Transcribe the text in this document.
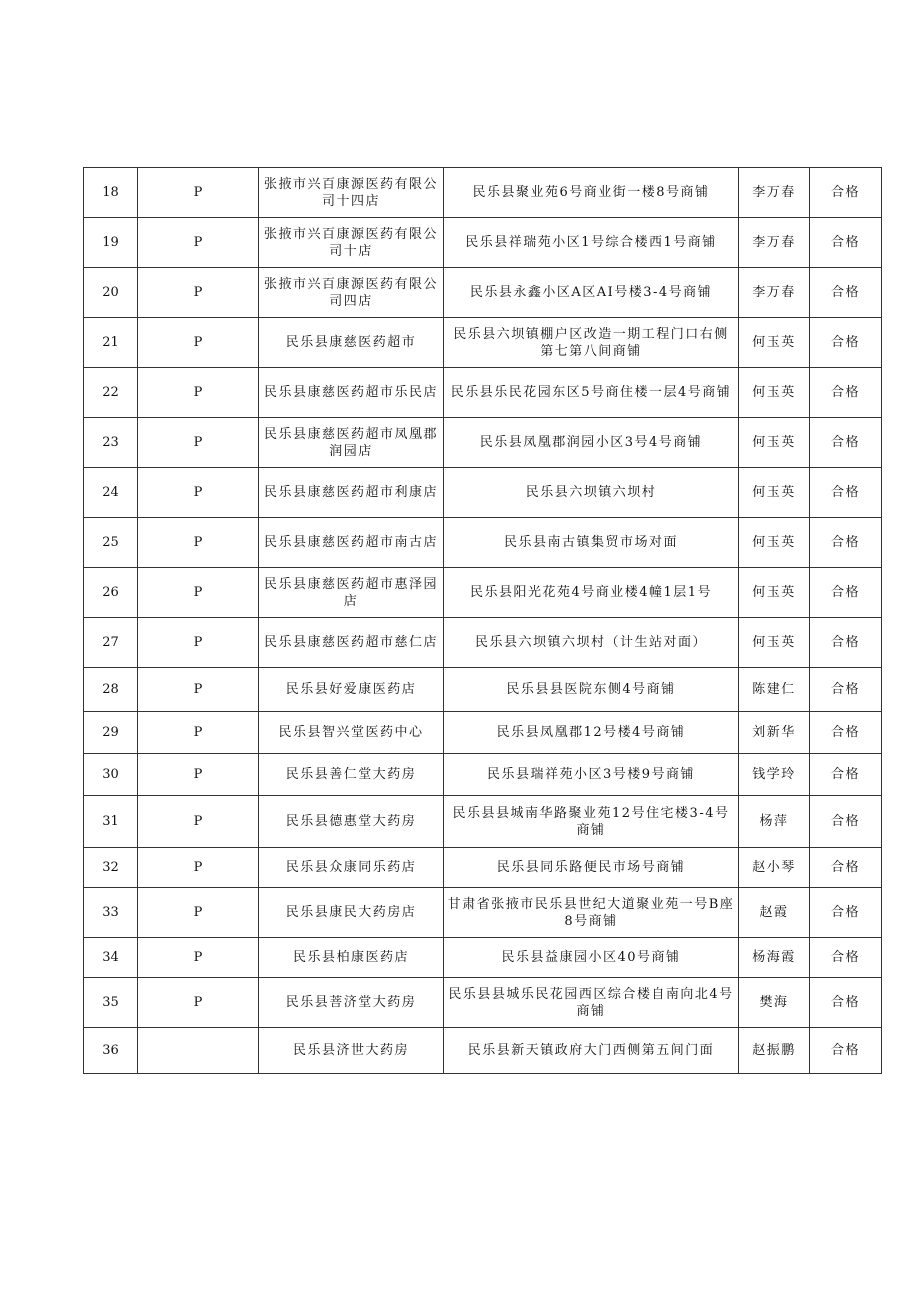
18	P	张掖市兴百康源医药有限公司十四店	民乐县聚业苑6号商业街一楼8号商铺	李万春	合格
19	P	张掖市兴百康源医药有限公司十店	民乐县祥瑞苑小区1号综合楼西1号商铺	李万春	合格
20	P	张掖市兴百康源医药有限公司四店	民乐县永鑫小区A区AI号楼3-4号商铺	李万春	合格
21	P	民乐县康慈医药超市	民乐县六坝镇棚户区改造一期工程门口右侧第七第八间商铺	何玉英	合格
22	P	民乐县康慈医药超市乐民店	民乐县乐民花园东区5号商住楼一层4号商铺	何玉英	合格
23	P	民乐县康慈医药超市凤凰郡润园店	民乐县凤凰郡润园小区3号4号商铺	何玉英	合格
24	P	民乐县康慈医药超市利康店	民乐县六坝镇六坝村	何玉英	合格
25	P	民乐县康慈医药超市南古店	民乐县南古镇集贸市场对面	何玉英	合格
26	P	民乐县康慈医药超市惠泽园店	民乐县阳光花苑4号商业楼4幢1层1号	何玉英	合格
27	P	民乐县康慈医药超市慈仁店	民乐县六坝镇六坝村（计生站对面）	何玉英	合格
28	P	民乐县好爱康医药店	民乐县县医院东侧4号商铺	陈建仁	合格
29	P	民乐县智兴堂医药中心	民乐县凤凰郡12号楼4号商铺	刘新华	合格
30	P	民乐县善仁堂大药房	民乐县瑞祥苑小区3号楼9号商铺	钱学玲	合格
31	P	民乐县德惠堂大药房	民乐县县城南华路聚业苑12号住宅楼3-4号商铺	杨萍	合格
32	P	民乐县众康同乐药店	民乐县同乐路便民市场号商铺	赵小琴	合格
33	P	民乐县康民大药房店	甘肃省张掖市民乐县世纪大道聚业苑一号B座8号商铺	赵霞	合格
34	P	民乐县柏康医药店	民乐县益康园小区40号商铺	杨海霞	合格
35	P	民乐县菩济堂大药房	民乐县县城乐民花园西区综合楼自南向北4号商铺	樊海	合格
36		民乐县济世大药房	民乐县新天镇政府大门西侧第五间门面	赵振鹏	合格
